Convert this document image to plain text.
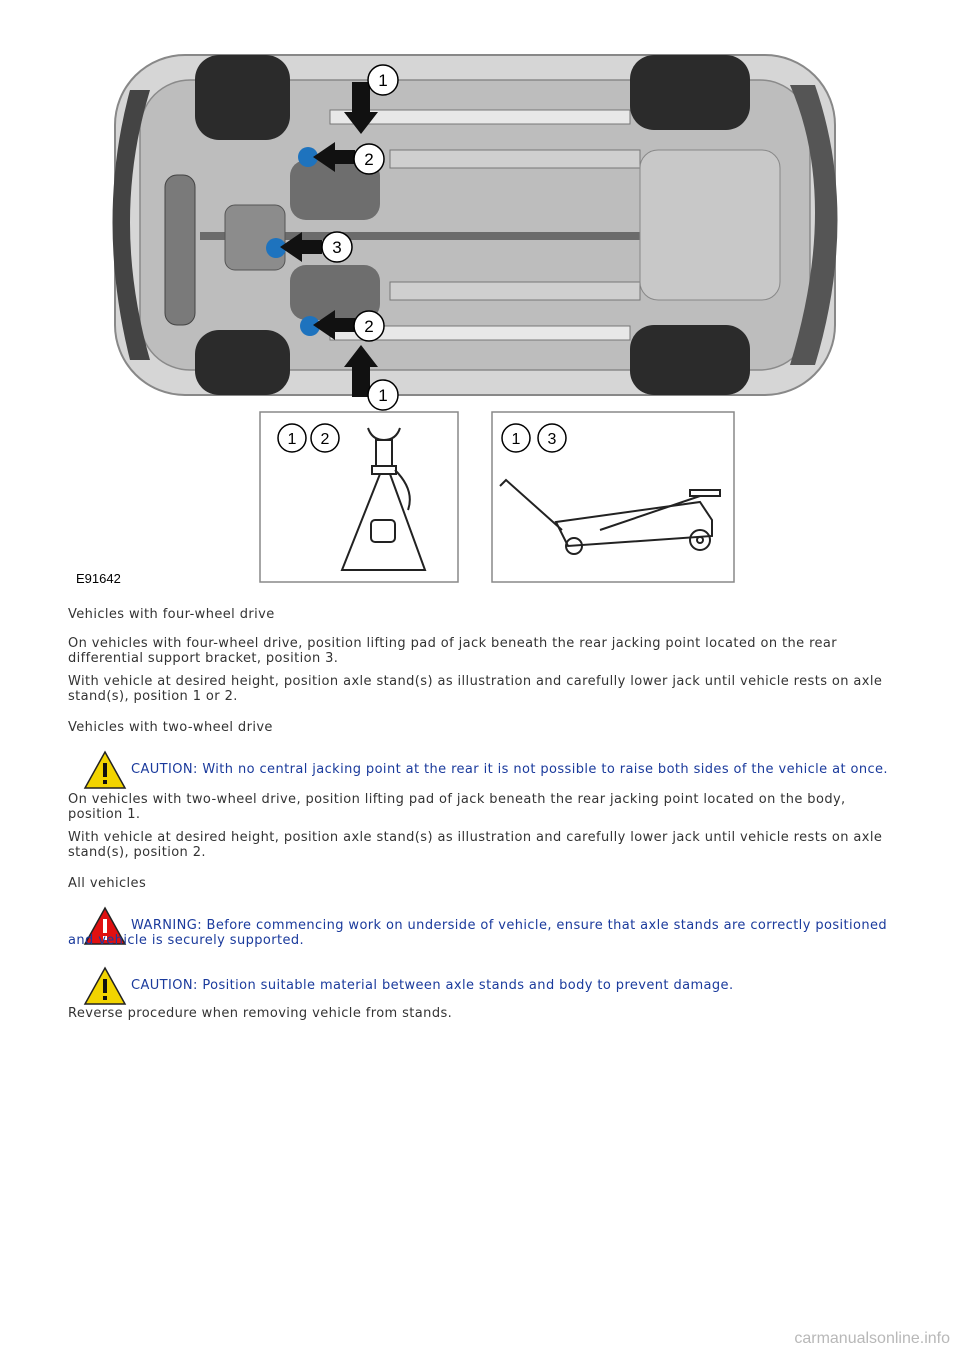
1
2
3
2
1
1 2	1 3
E91642
Vehicles with four-wheel drive
On vehicles with four-wheel drive, position lifting pad of jack beneath the rear jacking point located on the rear differential support bracket, position 3.
With vehicle at desired height, position axle stand(s) as illustration and carefully lower jack until vehicle rests on axle stand(s), position 1 or 2.
Vehicles with two-wheel drive
CAUTION: With no central jacking point at the rear it is not possible to raise both sides of the vehicle at once.
On vehicles with two-wheel drive, position lifting pad of jack beneath the rear jacking point located on the body, position 1.
With vehicle at desired height, position axle stand(s) as illustration and carefully lower jack until vehicle rests on axle stand(s), position 2.
All vehicles
WARNING: Before commencing work on underside of vehicle, ensure that axle stands are correctly positioned and vehicle is securely supported.
CAUTION: Position suitable material between axle stands and body to prevent damage.
Reverse procedure when removing vehicle from stands.
carmanualsonline.info
